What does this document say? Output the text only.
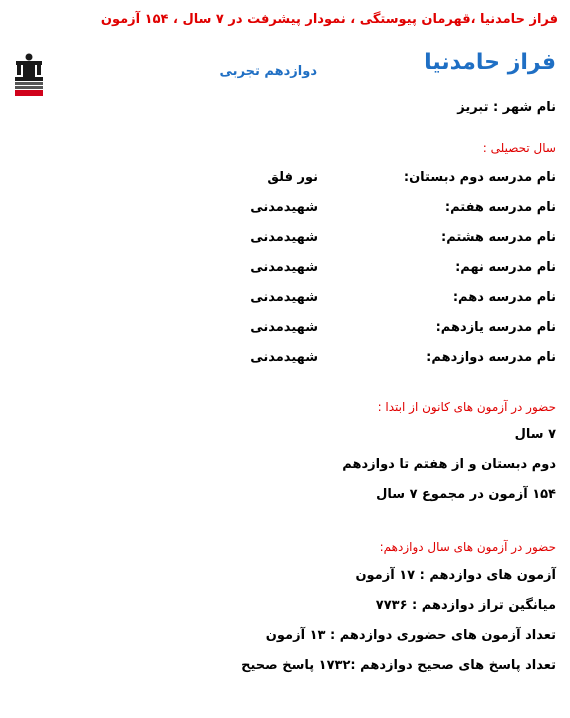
فراز حامدنیا ،قهرمان پیوستگی ، نمودار پیشرفت در ۷ سال ، ۱۵۴ آزمون
فراز حامدنیا
دوازدهم تجربی
نام شهر : تبریز
سال تحصیلی :
نام مدرسه دوم دبستان:
نور فلق
نام مدرسه هفتم:
شهیدمدنی
نام مدرسه هشتم:
شهیدمدنی
نام مدرسه نهم:
شهیدمدنی
نام مدرسه دهم:
شهیدمدنی
نام مدرسه یازدهم:
شهیدمدنی
نام مدرسه دوازدهم:
شهیدمدنی
حضور در آزمون های کانون از ابتدا :
۷ سال
دوم دبستان و از هفتم تا دوازدهم
۱۵۴ آزمون در مجموع ۷ سال
حضور در آزمون های سال دوازدهم:
آزمون های دوازدهم : ۱۷ آزمون
میانگین تراز دوازدهم : ۷۷۳۶
تعداد آزمون های حضوری دوازدهم : ۱۳ آزمون
تعداد پاسخ های صحیح دوازدهم :۱۷۳۲ پاسخ صحیح
